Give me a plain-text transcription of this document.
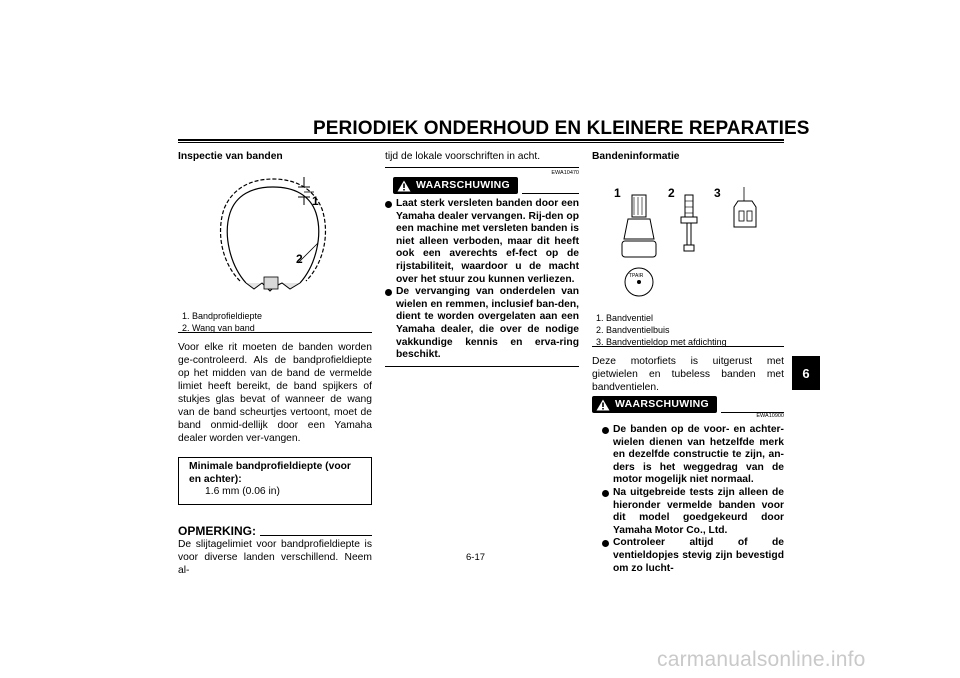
PERIODIEK ONDERHOUD EN KLEINERE REPARATIES
6
Inspectie van banden
1
2
1. Bandprofieldiepte
2. Wang van band
Voor elke rit moeten de banden worden ge-controleerd. Als de bandprofieldiepte op het midden van de band de vermelde limiet heeft bereikt, de band spijkers of stukjes glas bevat of wanneer de wang van de band scheurtjes vertoont, moet de band onmid-dellijk door een Yamaha dealer worden ver-vangen.
Minimale bandprofieldiepte (voor en achter):
1.6 mm (0.06 in)
OPMERKING:
De slijtagelimiet voor bandprofieldiepte is voor diverse landen verschillend. Neem al-
tijd de lokale voorschriften in acht.
EWA10470
WAARSCHUWING
Laat sterk versleten banden door een Yamaha dealer vervangen. Rij-den op een machine met versleten banden is niet alleen verboden, maar dit heeft ook een averechts ef-fect op de rijstabiliteit, waardoor u de macht over het stuur zou kunnen verliezen.
De vervanging van onderdelen van wielen en remmen, inclusief ban-den, dient te worden overgelaten aan een Yamaha dealer, die over de nodige vakkundige kennis en erva-ring beschikt.
Bandeninformatie
TPAIR
1	2	3
1. Bandventiel
2. Bandventielbuis
3. Bandventieldop met afdichting
Deze motorfiets is uitgerust met gietwielen en tubeless banden met bandventielen.
WAARSCHUWING
EWA10900
De banden op de voor- en achter-wielen dienen van hetzelfde merk en dezelfde constructie te zijn, an-ders is het weggedrag van de motor mogelijk niet normaal.
Na uitgebreide tests zijn alleen de hieronder vermelde banden voor dit model goedgekeurd door Yamaha Motor Co., Ltd.
Controleer altijd of de ventieldopjes stevig zijn bevestigd om zo lucht-
6-17
carmanualsonline.info
